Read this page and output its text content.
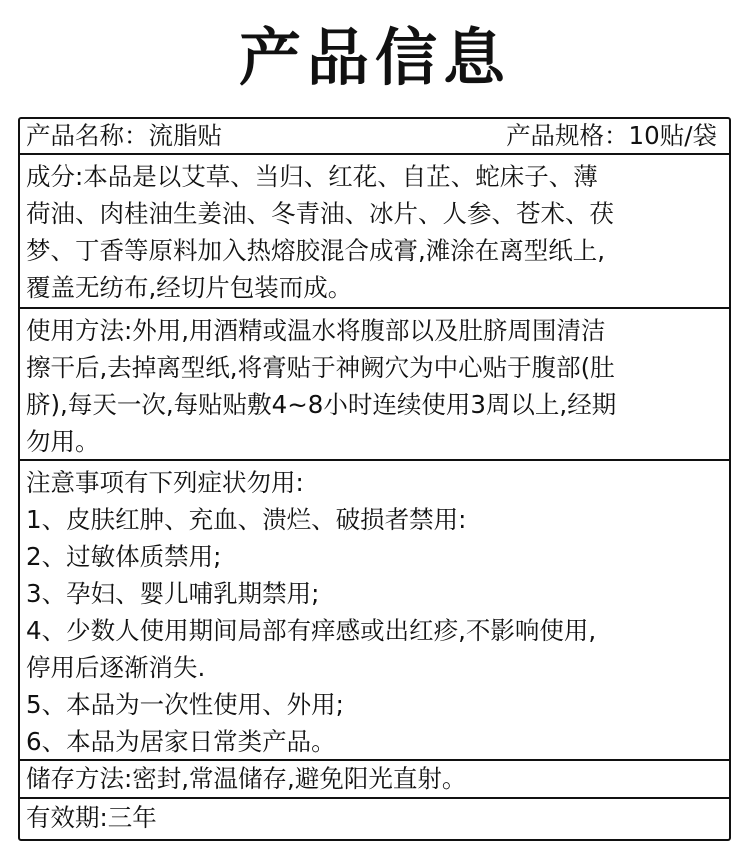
产品信息
产品名称：流脂贴	产品规格：10贴/袋
成分:本品是以艾草、当归、红花、自芷、蛇床子、薄
荷油、肉桂油生姜油、冬青油、冰片、人参、苍术、茯
梦、丁香等原料加入热熔胶混合成膏,滩涂在离型纸上,
覆盖无纺布,经切片包装而成。
使用方法:外用,用酒精或温水将腹部以及肚脐周围清洁
擦干后,去掉离型纸,将膏贴于神阙穴为中心贴于腹部(肚
脐),每天一次,每贴贴敷4~8小时连续使用3周以上,经期
勿用。
注意事项有下列症状勿用:
1、皮肤红肿、充血、溃烂、破损者禁用:
2、过敏体质禁用;
3、孕妇、婴儿哺乳期禁用;
4、少数人使用期间局部有痒感或出红疹,不影响使用,
停用后逐渐消失.
5、本品为一次性使用、外用;
6、本品为居家日常类产品。
储存方法:密封,常温储存,避免阳光直射。
有效期:三年
